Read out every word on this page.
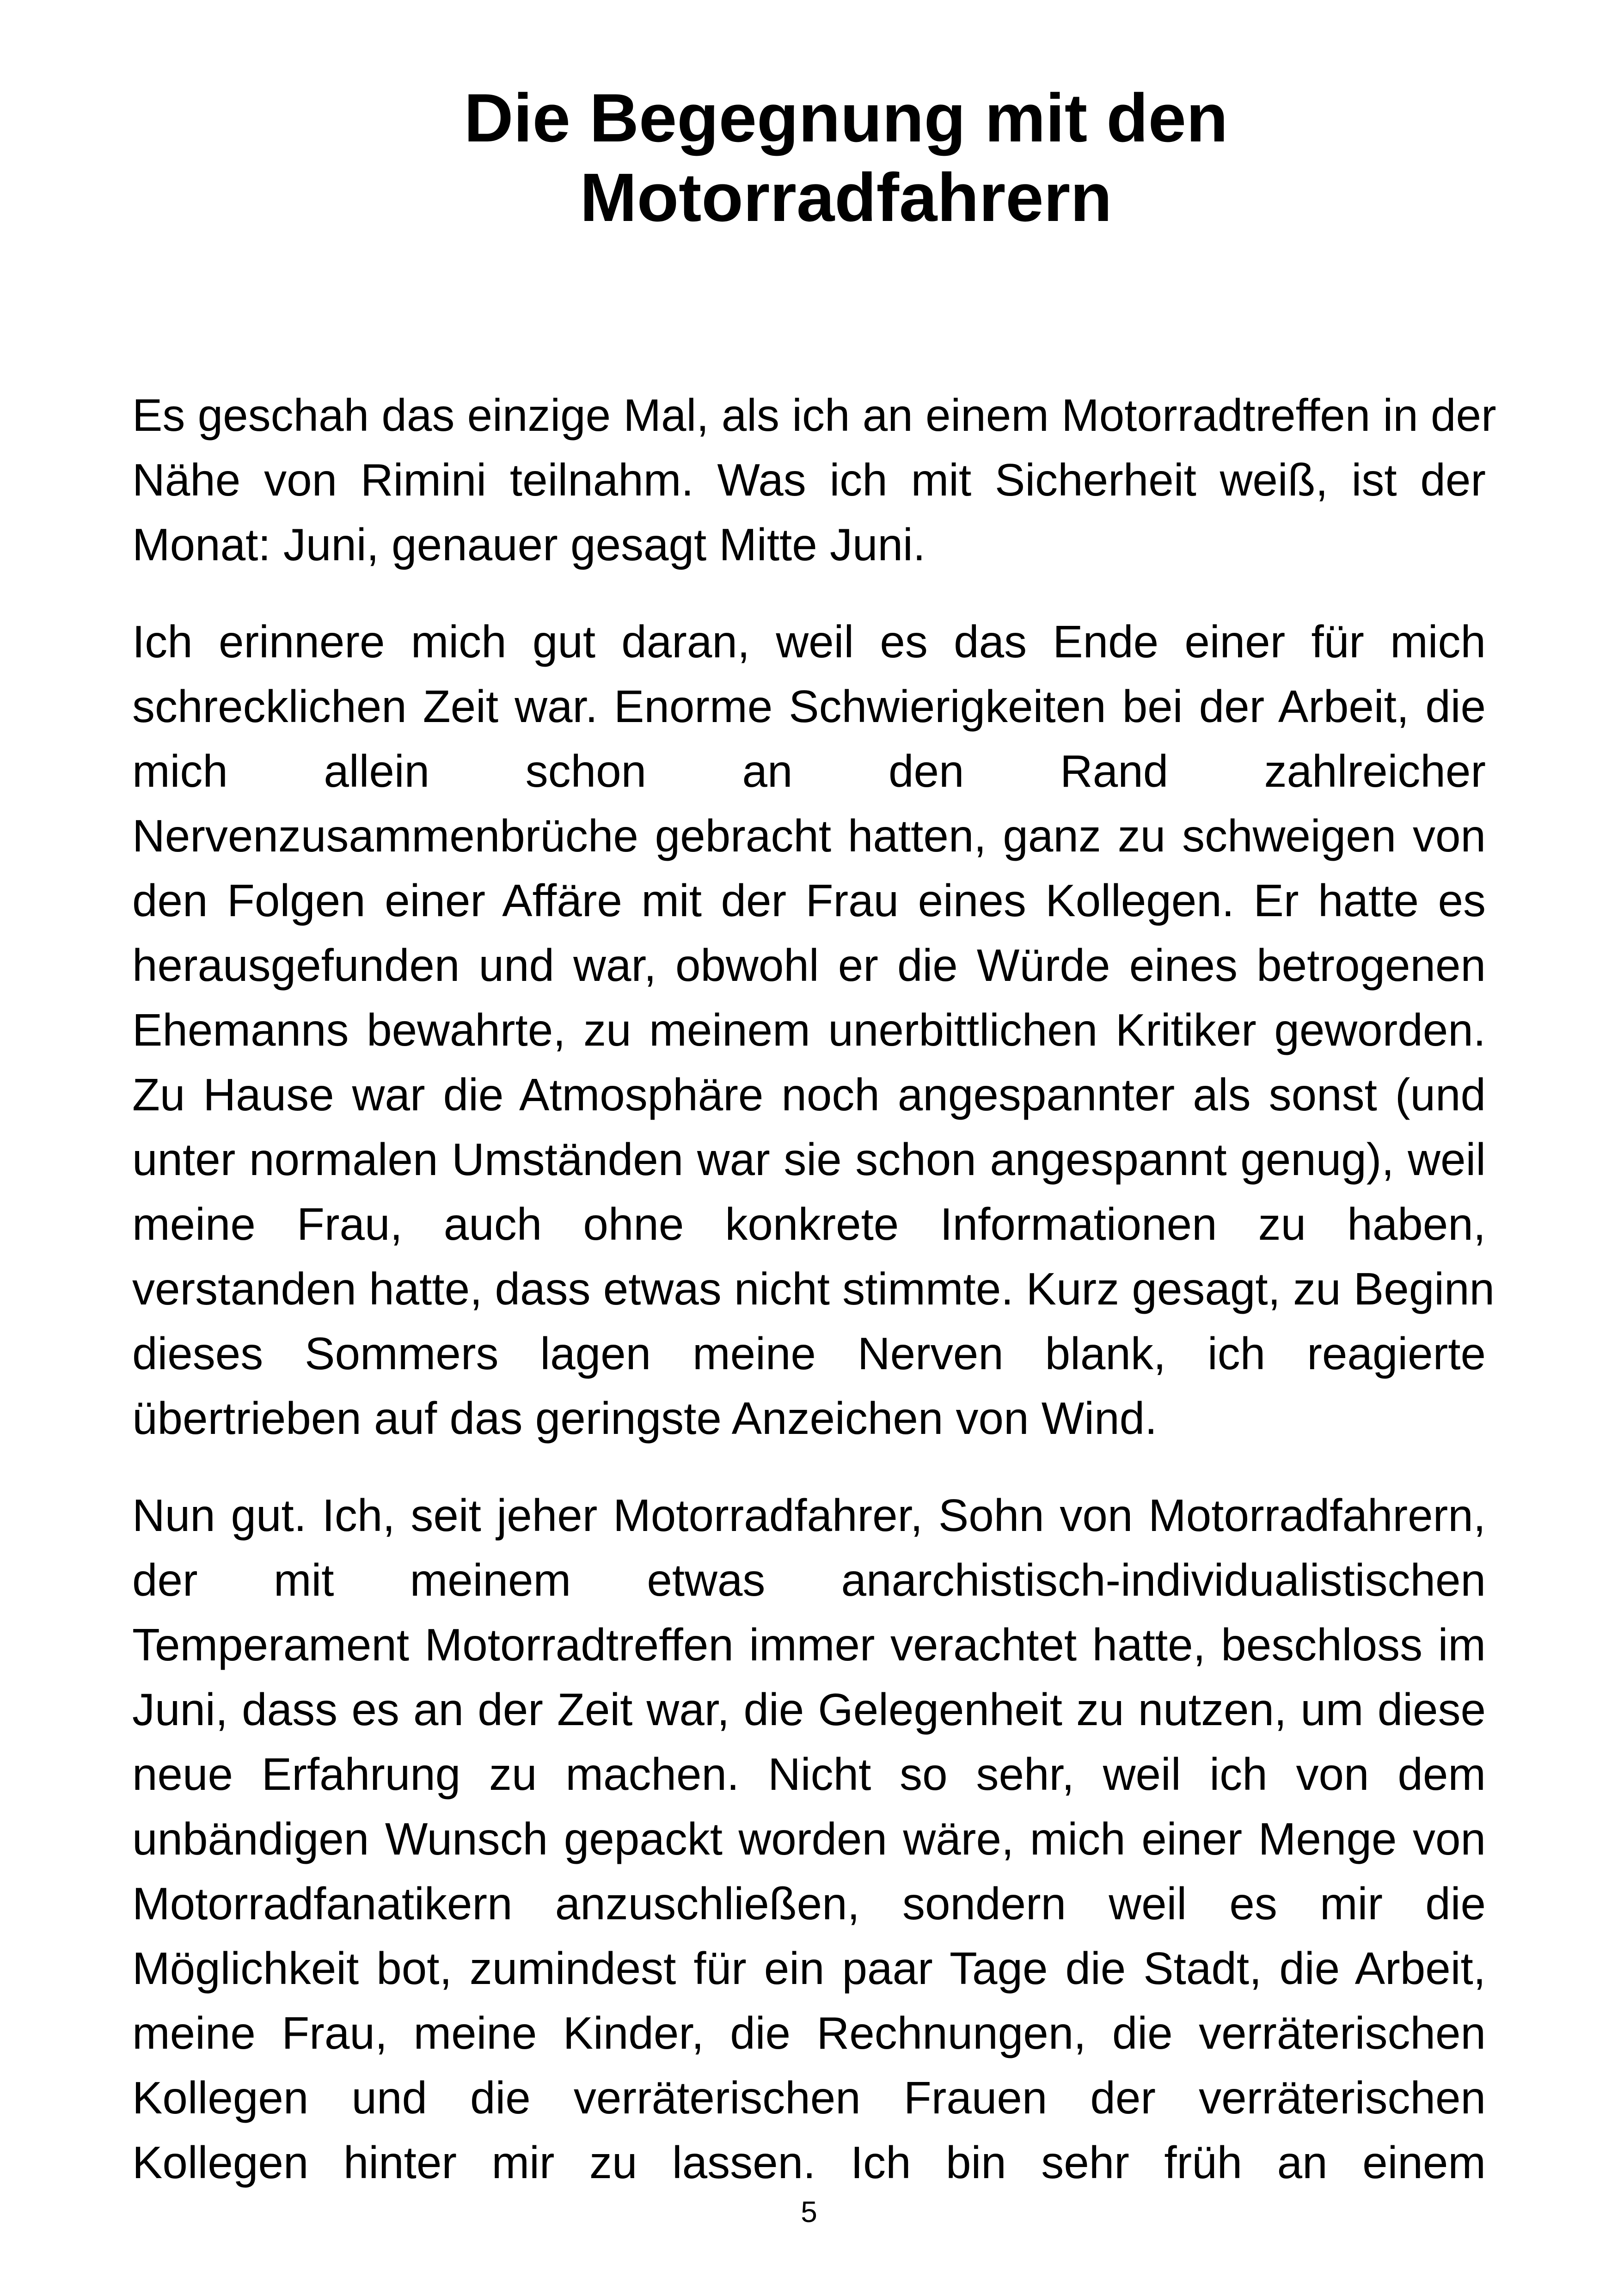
Die Begegnung mit den
Motorradfahrern

Es geschah das einzige Mal, als ich an einem Motorradtreffen in der
Nähe von Rimini teilnahm. Was ich mit Sicherheit weiß, ist der
Monat: Juni, genauer gesagt Mitte Juni.

Ich erinnere mich gut daran, weil es das Ende einer für mich
schrecklichen Zeit war. Enorme Schwierigkeiten bei der Arbeit, die
mich allein schon an den Rand zahlreicher
Nervenzusammenbrüche gebracht hatten, ganz zu schweigen von
den Folgen einer Affäre mit der Frau eines Kollegen. Er hatte es
herausgefunden und war, obwohl er die Würde eines betrogenen
Ehemanns bewahrte, zu meinem unerbittlichen Kritiker geworden.
Zu Hause war die Atmosphäre noch angespannter als sonst (und
unter normalen Umständen war sie schon angespannt genug), weil
meine Frau, auch ohne konkrete Informationen zu haben,
verstanden hatte, dass etwas nicht stimmte. Kurz gesagt, zu Beginn
dieses Sommers lagen meine Nerven blank, ich reagierte
übertrieben auf das geringste Anzeichen von Wind.

Nun gut. Ich, seit jeher Motorradfahrer, Sohn von Motorradfahrern,
der mit meinem etwas anarchistisch-individualistischen
Temperament Motorradtreffen immer verachtet hatte, beschloss im
Juni, dass es an der Zeit war, die Gelegenheit zu nutzen, um diese
neue Erfahrung zu machen. Nicht so sehr, weil ich von dem
unbändigen Wunsch gepackt worden wäre, mich einer Menge von
Motorradfanatikern anzuschließen, sondern weil es mir die
Möglichkeit bot, zumindest für ein paar Tage die Stadt, die Arbeit,
meine Frau, meine Kinder, die Rechnungen, die verräterischen
Kollegen und die verräterischen Frauen der verräterischen
Kollegen hinter mir zu lassen. Ich bin sehr früh an einem

5
